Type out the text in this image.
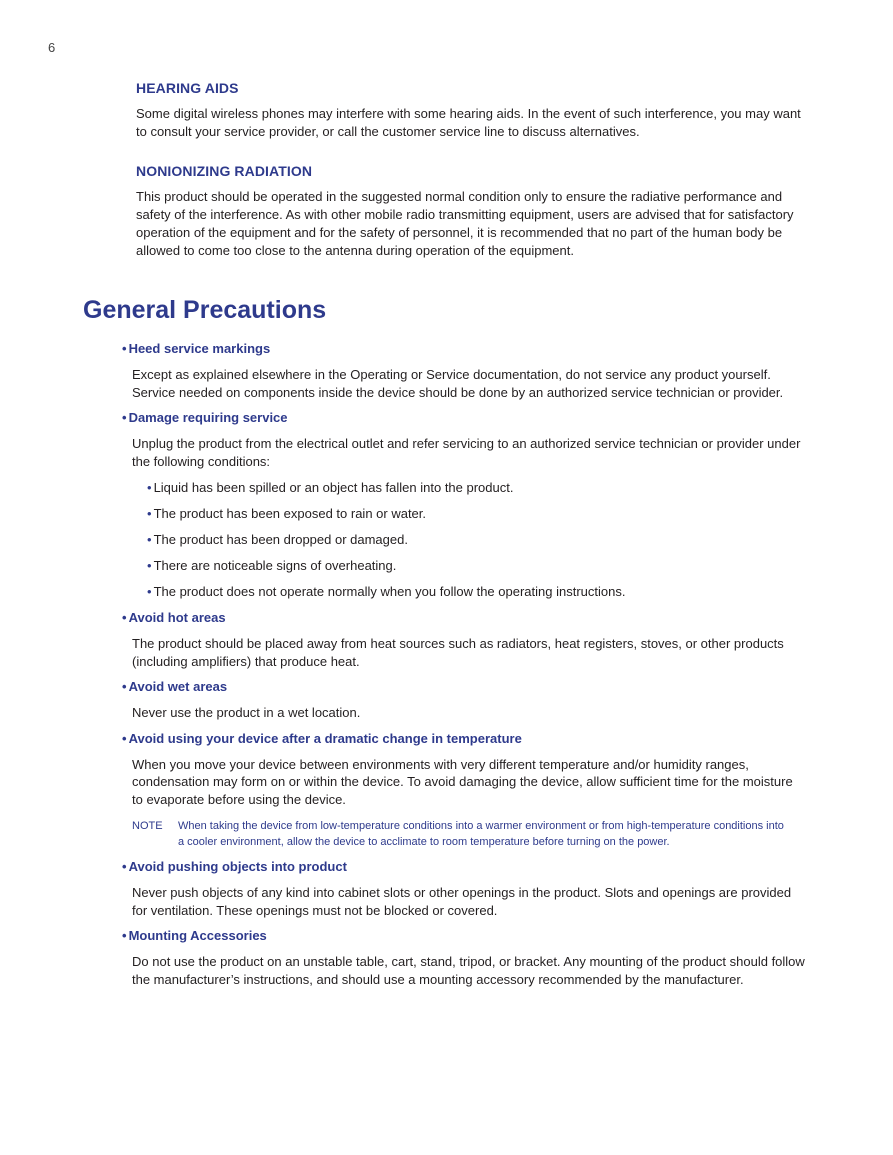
6
HEARING AIDS
Some digital wireless phones may interfere with some hearing aids. In the event of such interference, you may want to consult your service provider, or call the customer service line to discuss alternatives.
NONIONIZING RADIATION
This product should be operated in the suggested normal condition only to ensure the radiative performance and safety of the interference. As with other mobile radio transmitting equipment, users are advised that for satisfactory operation of the equipment and for the safety of personnel, it is recommended that no part of the human body be allowed to come too close to the antenna during operation of the equipment.
General Precautions
• Heed service markings
Except as explained elsewhere in the Operating or Service documentation, do not service any product yourself. Service needed on components inside the device should be done by an authorized service technician or provider.
• Damage requiring service
Unplug the product from the electrical outlet and refer servicing to an authorized service technician or provider under the following conditions:
• Liquid has been spilled or an object has fallen into the product.
• The product has been exposed to rain or water.
• The product has been dropped or damaged.
• There are noticeable signs of overheating.
• The product does not operate normally when you follow the operating instructions.
• Avoid hot areas
The product should be placed away from heat sources such as radiators, heat registers, stoves, or other products (including amplifiers) that produce heat.
• Avoid wet areas
Never use the product in a wet location.
• Avoid using your device after a dramatic change in temperature
When you move your device between environments with very different temperature and/or humidity ranges, condensation may form on or within the device. To avoid damaging the device, allow sufficient time for the moisture to evaporate before using the device.
NOTE	When taking the device from low-temperature conditions into a warmer environment or from high-temperature conditions into a cooler environment, allow the device to acclimate to room temperature before turning on the power.
• Avoid pushing objects into product
Never push objects of any kind into cabinet slots or other openings in the product. Slots and openings are provided for ventilation. These openings must not be blocked or covered.
• Mounting Accessories
Do not use the product on an unstable table, cart, stand, tripod, or bracket. Any mounting of the product should follow the manufacturer’s instructions, and should use a mounting accessory recommended by the manufacturer.
